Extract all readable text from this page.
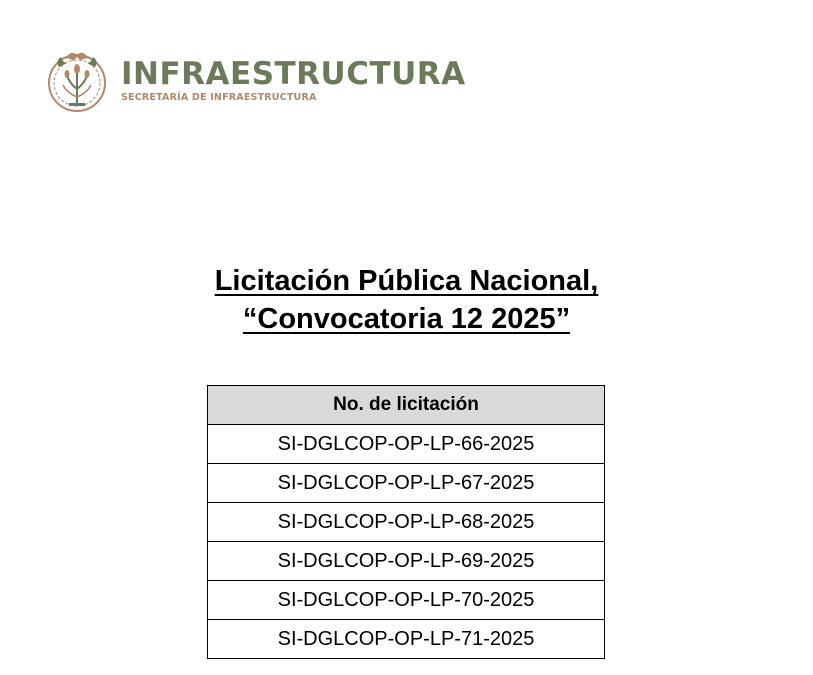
INFRAESTRUCTURA
SECRETARÍA DE INFRAESTRUCTURA
Licitación Pública Nacional,
“Convocatoria 12 2025”
No. de licitación
SI-DGLCOP-OP-LP-66-2025
SI-DGLCOP-OP-LP-67-2025
SI-DGLCOP-OP-LP-68-2025
SI-DGLCOP-OP-LP-69-2025
SI-DGLCOP-OP-LP-70-2025
SI-DGLCOP-OP-LP-71-2025
